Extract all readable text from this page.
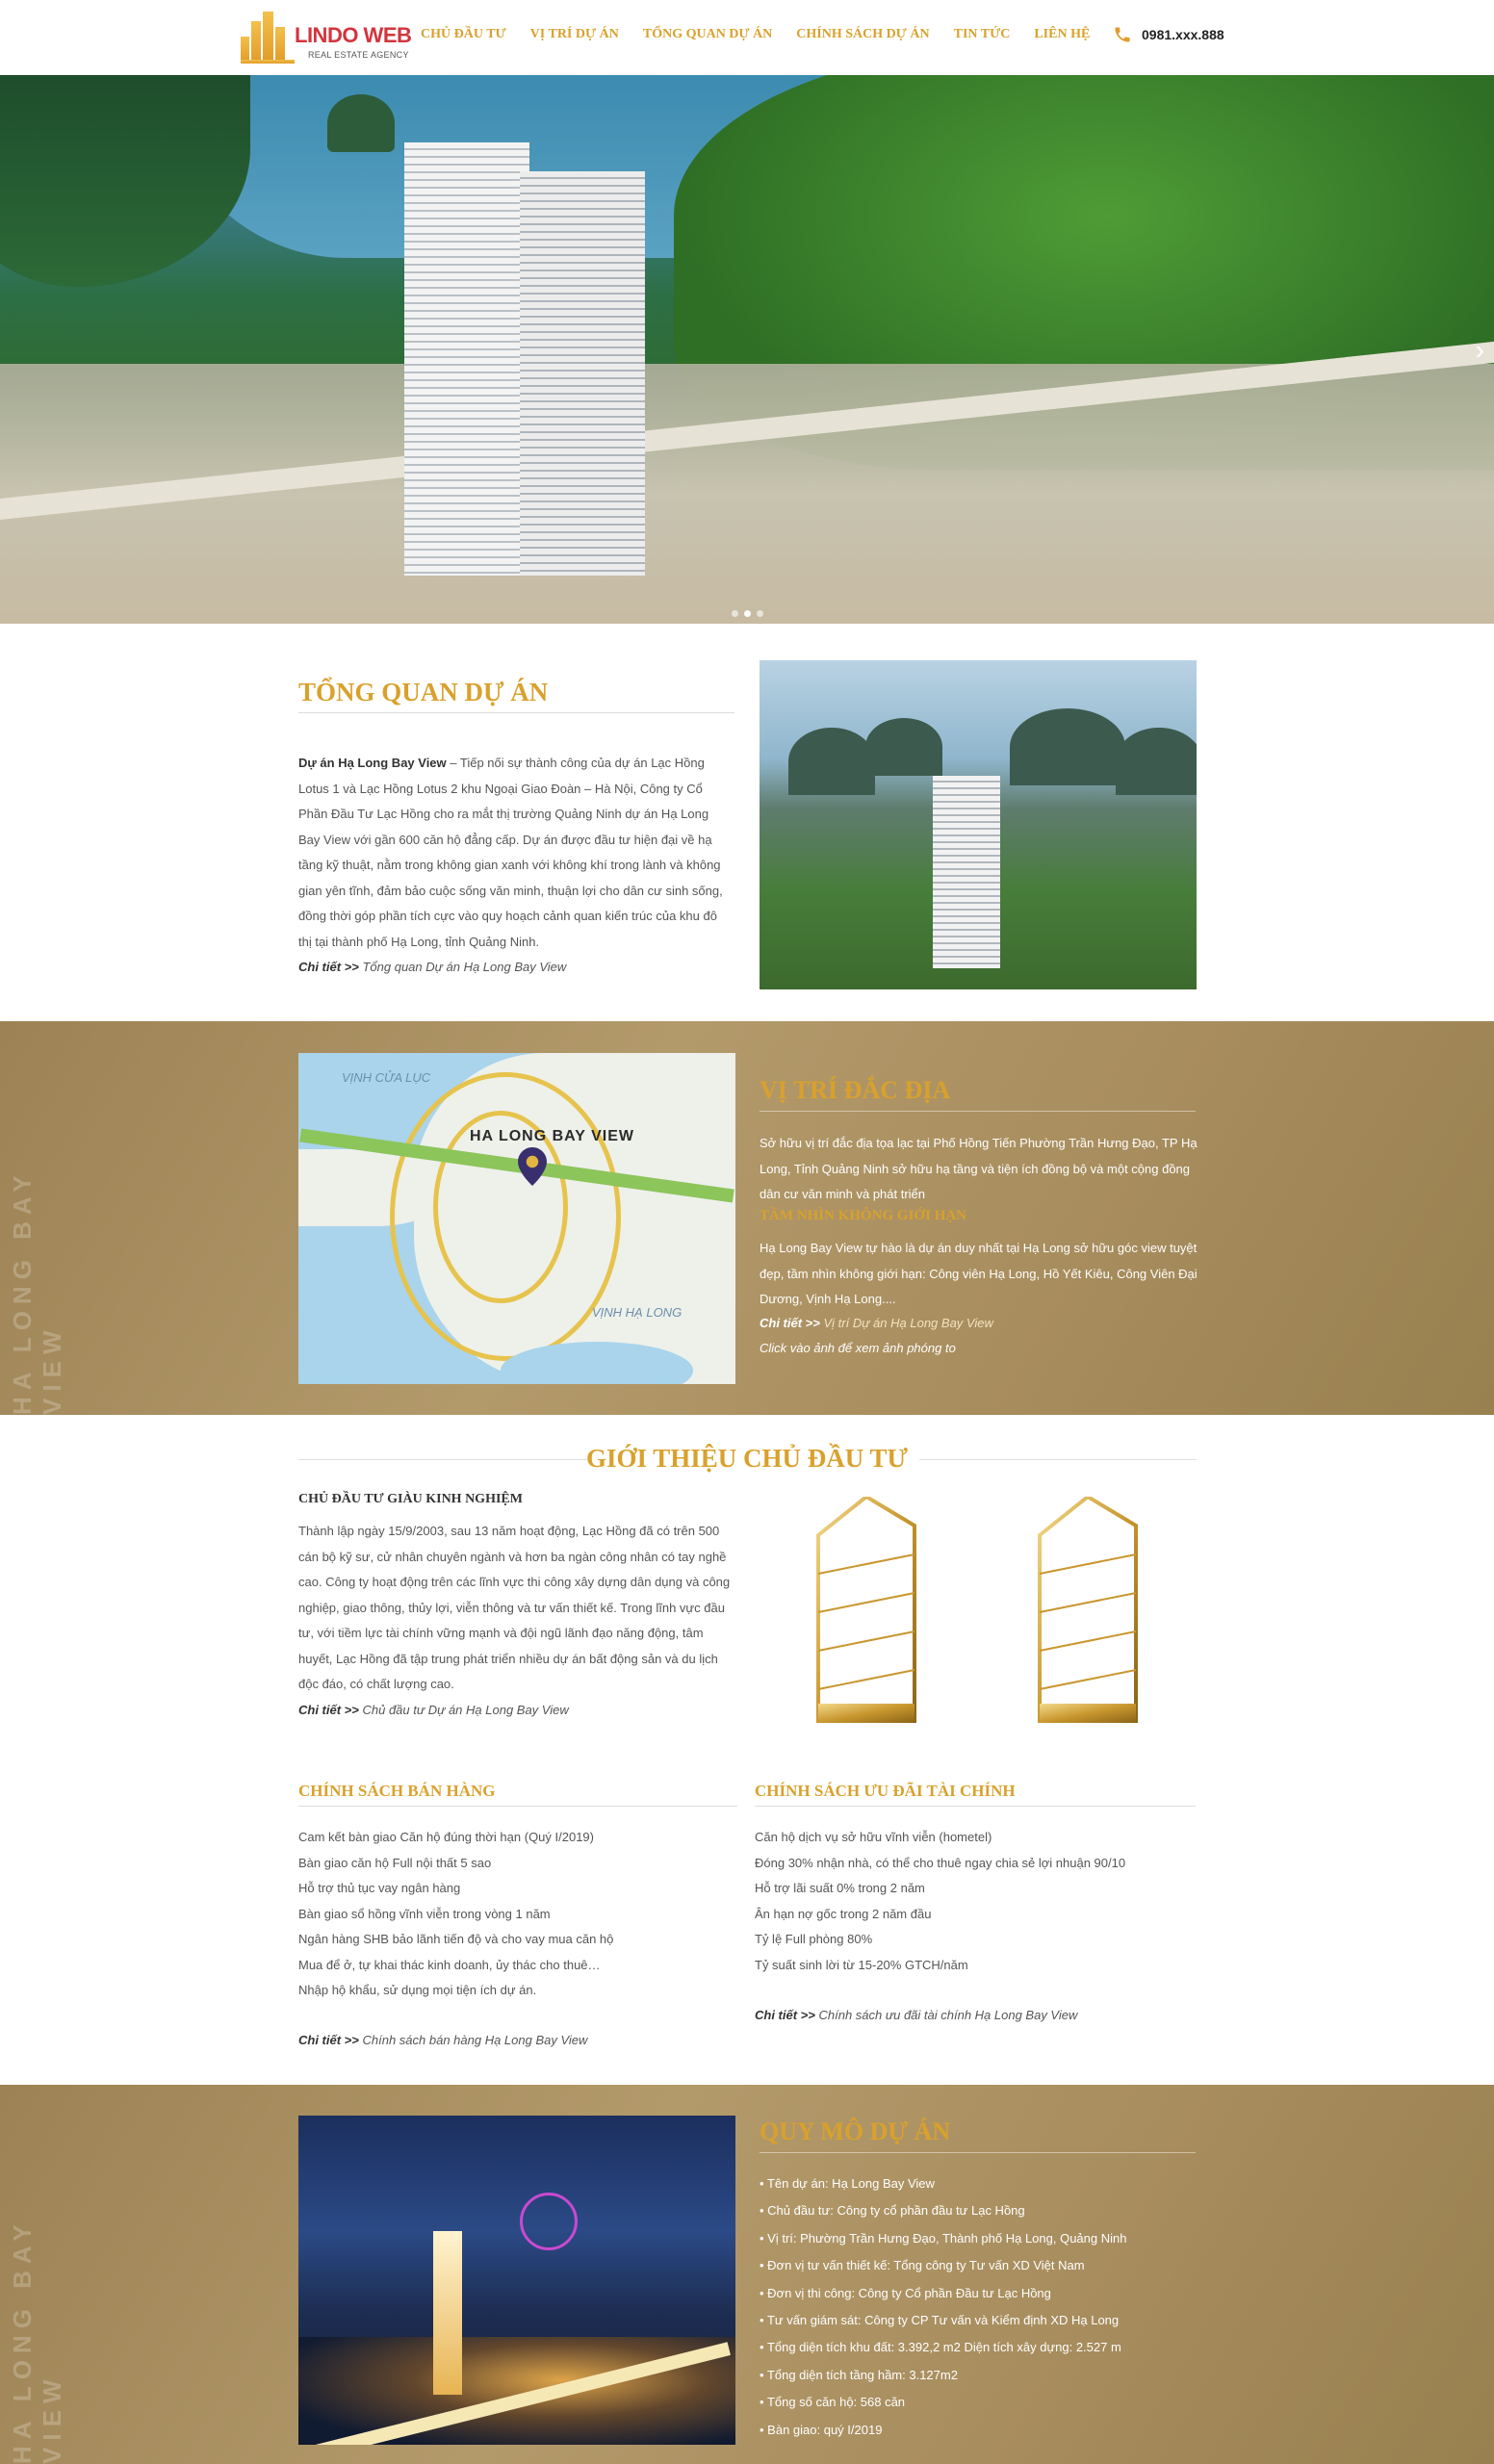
LINDO WEB
REAL ESTATE AGENCY
CHỦ ĐẦU TƯ VỊ TRÍ DỰ ÁN TỔNG QUAN DỰ ÁN CHÍNH SÁCH DỰ ÁN TIN TỨC LIÊN HỆ	0981.xxx.888
›
TỔNG QUAN DỰ ÁN
Dự án Hạ Long Bay View – Tiếp nối sự thành công của dự án Lạc Hồng Lotus 1 và Lạc Hồng Lotus 2 khu Ngoại Giao Đoàn – Hà Nội, Công ty Cổ Phần Đầu Tư Lạc Hồng cho ra mắt thị trường Quảng Ninh dự án Hạ Long Bay View với gần 600 căn hộ đẳng cấp. Dự án được đầu tư hiện đại về hạ tầng kỹ thuật, nằm trong không gian xanh với không khí trong lành và không gian yên tĩnh, đảm bảo cuộc sống văn minh, thuận lợi cho dân cư sinh sống, đồng thời góp phần tích cực vào quy hoạch cảnh quan kiến trúc của khu đô thị tại thành phố Hạ Long, tỉnh Quảng Ninh.
Chi tiết >> Tổng quan Dự án Hạ Long Bay View
HA LONG BAY VIEW
VỊNH CỬA LỤC
VỊNH HẠ LONG
HA LONG BAY VIEW
VỊ TRÍ ĐẮC ĐỊA
Sở hữu vị trí đắc địa tọa lạc tại Phố Hồng Tiến Phường Trần Hưng Đạo, TP Hạ Long, Tỉnh Quảng Ninh sở hữu hạ tầng và tiện ích đồng bộ và một cộng đồng dân cư văn minh và phát triển
TẦM NHÌN KHÔNG GIỚI HẠN
Hạ Long Bay View tự hào là dự án duy nhất tại Hạ Long sở hữu góc view tuyệt đẹp, tầm nhìn không giới hạn: Công viên Hạ Long, Hồ Yết Kiêu, Công Viên Đại Dương, Vịnh Hạ Long....
Chi tiết >> Vị trí Dự án Hạ Long Bay View
Click vào ảnh để xem ảnh phóng to
GIỚI THIỆU CHỦ ĐẦU TƯ
CHỦ ĐẦU TƯ GIÀU KINH NGHIỆM
Thành lập ngày 15/9/2003, sau 13 năm hoạt động, Lạc Hồng đã có trên 500 cán bộ kỹ sư, cử nhân chuyên ngành và hơn ba ngàn công nhân có tay nghề cao. Công ty hoạt động trên các lĩnh vực thi công xây dựng dân dụng và công nghiệp, giao thông, thủy lợi, viễn thông và tư vấn thiết kế. Trong lĩnh vực đầu tư, với tiềm lực tài chính vững mạnh và đội ngũ lãnh đạo năng động, tâm huyết, Lạc Hồng đã tập trung phát triển nhiều dự án bất động sản và du lịch độc đáo, có chất lượng cao.
Chi tiết >> Chủ đầu tư Dự án Hạ Long Bay View
CHÍNH SÁCH BÁN HÀNG
Cam kết bàn giao Căn hộ đúng thời hạn (Quý I/2019)
Bàn giao căn hộ Full nội thất 5 sao
Hỗ trợ thủ tục vay ngân hàng
Bàn giao sổ hồng vĩnh viễn trong vòng 1 năm
Ngân hàng SHB bảo lãnh tiến độ và cho vay mua căn hộ
Mua để ở, tự khai thác kinh doanh, ủy thác cho thuê…
Nhập hộ khẩu, sử dụng mọi tiện ích dự án.
Chi tiết >> Chính sách bán hàng Hạ Long Bay View
CHÍNH SÁCH ƯU ĐÃI TÀI CHÍNH
Căn hộ dịch vụ sở hữu vĩnh viễn (hometel)
Đóng 30% nhận nhà, có thể cho thuê ngay chia sẻ lợi nhuận 90/10
Hỗ trợ lãi suất 0% trong 2 năm
Ân hạn nợ gốc trong 2 năm đầu
Tỷ lệ Full phòng 80%
Tỷ suất sinh lời từ 15-20% GTCH/năm
Chi tiết >> Chính sách ưu đãi tài chính Hạ Long Bay View
HA LONG BAY VIEW
QUY MÔ DỰ ÁN
• Tên dự án: Hạ Long Bay View
• Chủ đầu tư: Công ty cổ phần đầu tư Lạc Hồng
• Vị trí: Phường Trần Hưng Đạo, Thành phố Hạ Long, Quảng Ninh
• Đơn vị tư vấn thiết kế: Tổng công ty Tư vấn XD Việt Nam
• Đơn vị thi công: Công ty Cổ phần Đầu tư Lạc Hồng
• Tư vấn giám sát: Công ty CP Tư vấn và Kiểm định XD Hạ Long
• Tổng diện tích khu đất: 3.392,2 m2 Diện tích xây dựng: 2.527 m
• Tổng diện tích tầng hầm: 3.127m2
• Tổng số căn hộ: 568 căn
• Bàn giao: quý I/2019
